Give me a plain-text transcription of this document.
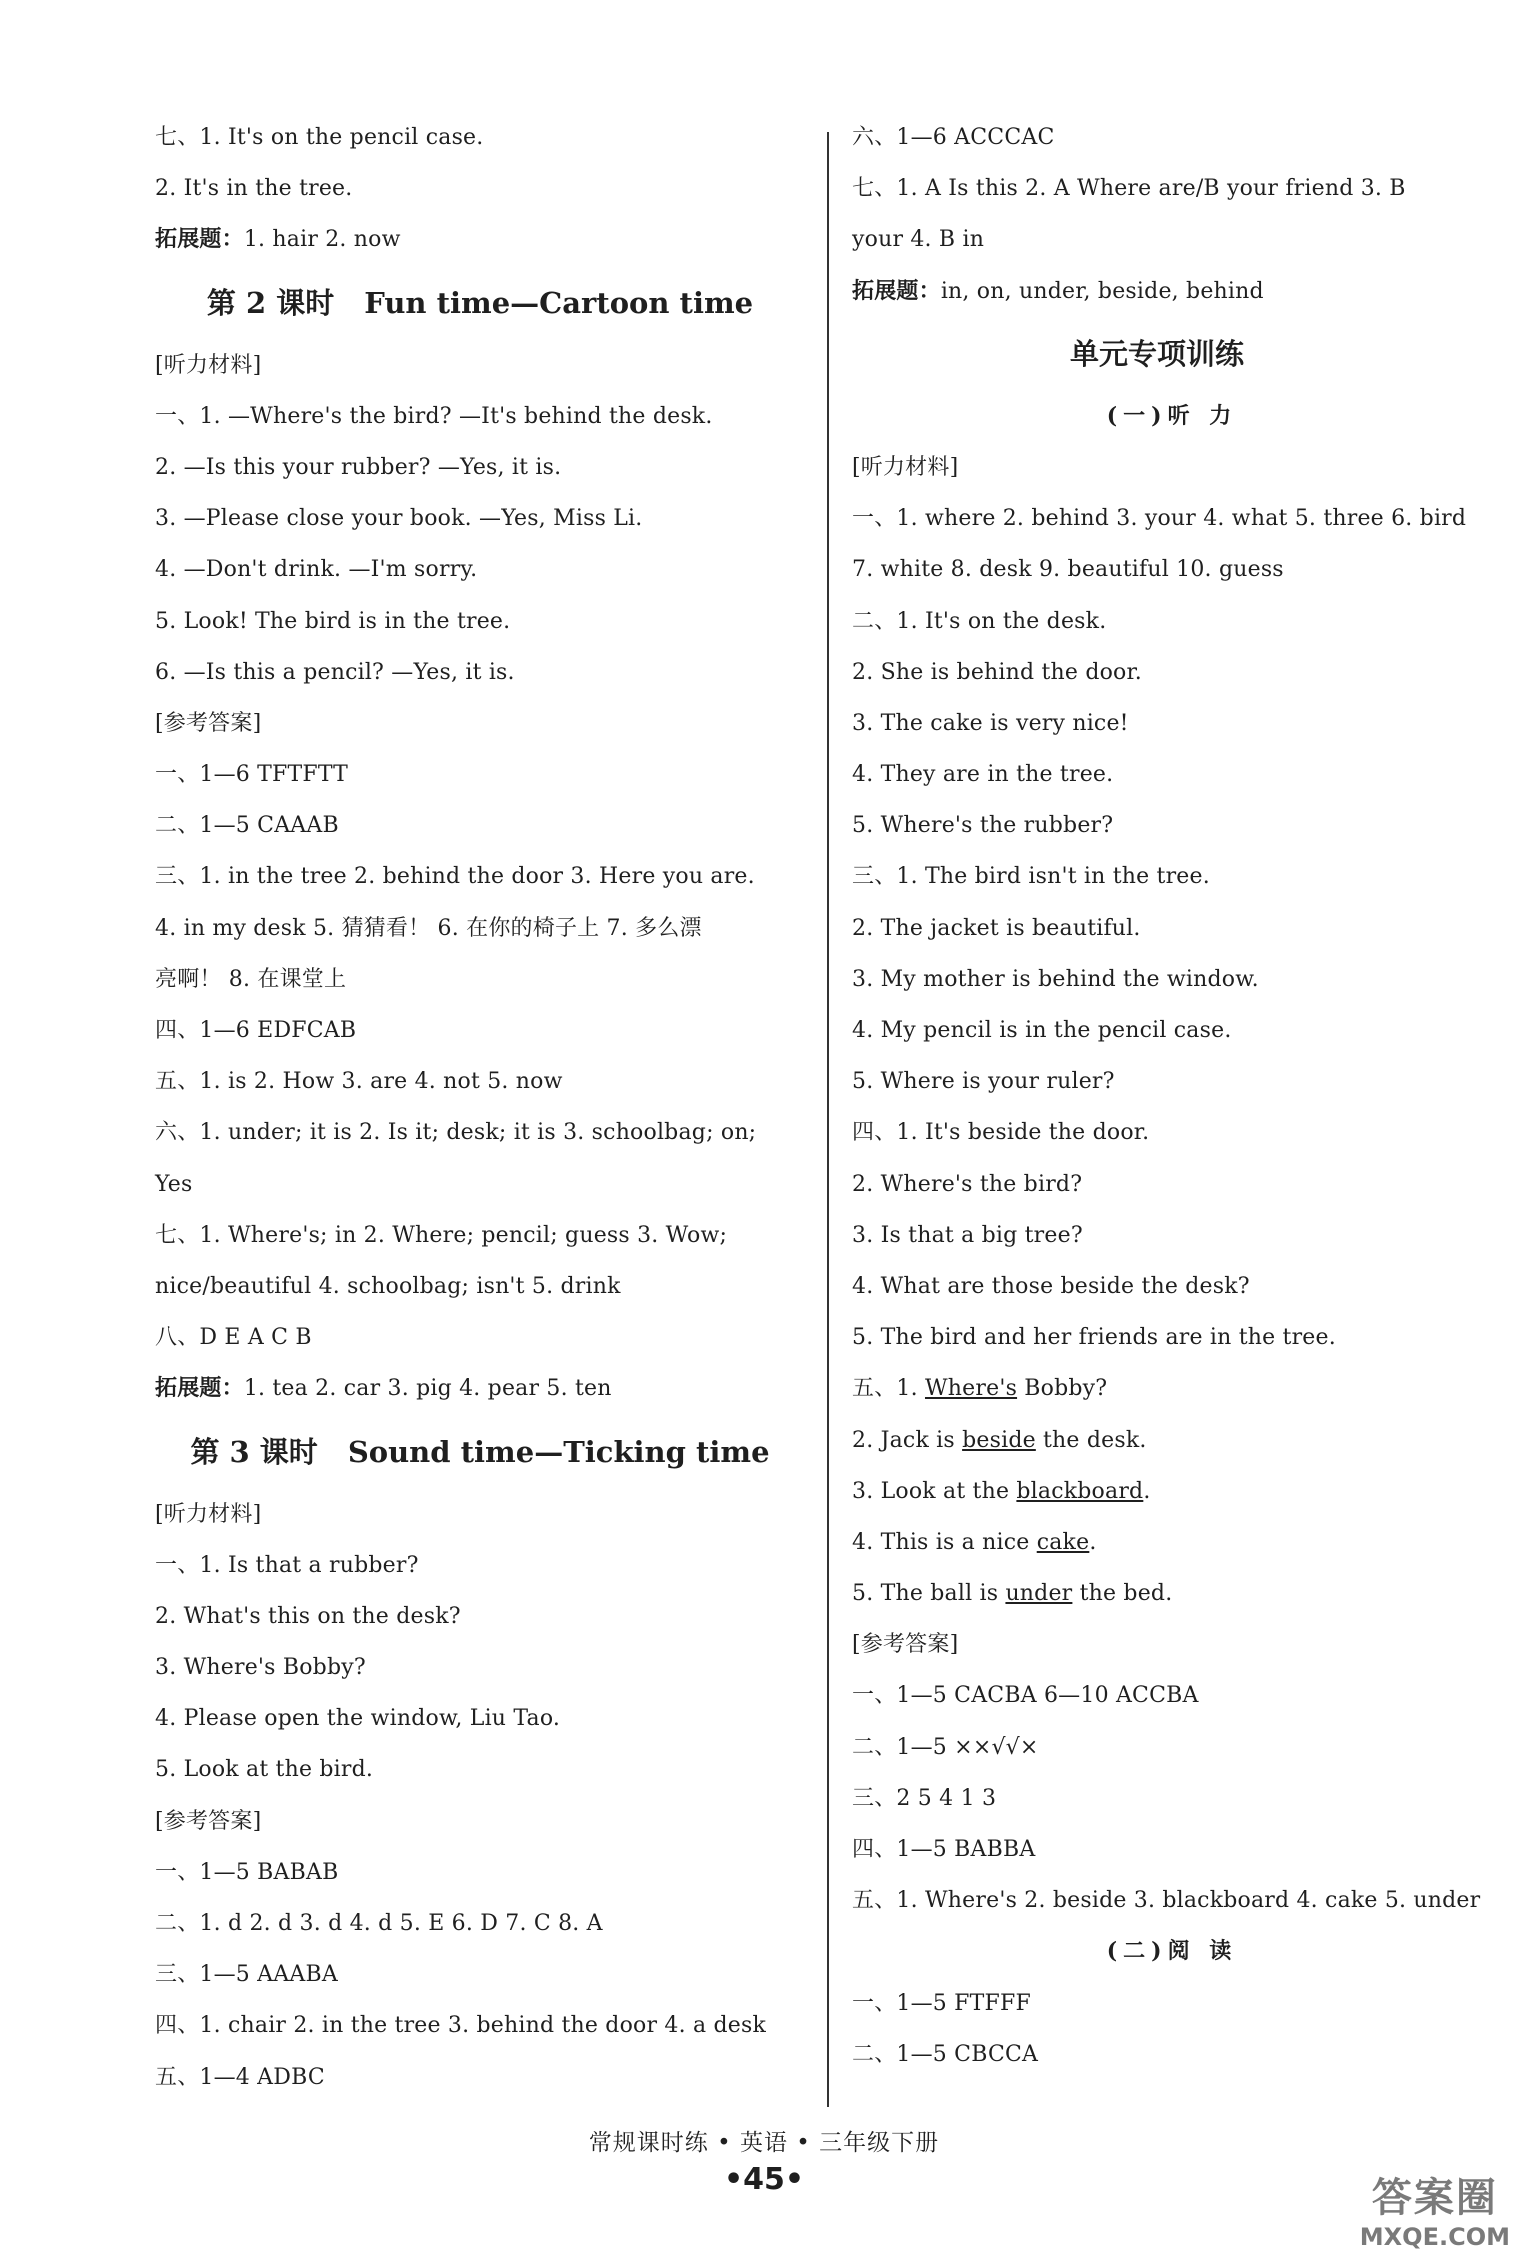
七、1. It's on the pencil case.
2. It's in the tree.
拓展题：1. hair 2. now
第 2 课时 Fun time—Cartoon time
[听力材料]
一、1. —Where's the bird? —It's behind the desk.
2. —Is this your rubber? —Yes, it is.
3. —Please close your book. —Yes, Miss Li.
4. —Don't drink. —I'm sorry.
5. Look! The bird is in the tree.
6. —Is this a pencil? —Yes, it is.
[参考答案]
一、1—6 TFTFTT
二、1—5 CAAAB
三、1. in the tree 2. behind the door 3. Here you are.
4. in my desk 5. 猜猜看！ 6. 在你的椅子上 7. 多么漂
亮啊！ 8. 在课堂上
四、1—6 EDFCAB
五、1. is 2. How 3. are 4. not 5. now
六、1. under; it is 2. Is it; desk; it is 3. schoolbag; on;
Yes
七、1. Where's; in 2. Where; pencil; guess 3. Wow;
nice/beautiful 4. schoolbag; isn't 5. drink
八、D E A C B
拓展题：1. tea 2. car 3. pig 4. pear 5. ten
第 3 课时 Sound time—Ticking time
[听力材料]
一、1. Is that a rubber?
2. What's this on the desk?
3. Where's Bobby?
4. Please open the window, Liu Tao.
5. Look at the bird.
[参考答案]
一、1—5 BABAB
二、1. d 2. d 3. d 4. d 5. E 6. D 7. C 8. A
三、1—5 AAABA
四、1. chair 2. in the tree 3. behind the door 4. a desk
五、1—4 ADBC
六、1—6 ACCCAC
七、1. A Is this 2. A Where are/B your friend 3. B
your 4. B in
拓展题：in, on, under, beside, behind
单元专项训练
(一)听 力
[听力材料]
一、1. where 2. behind 3. your 4. what 5. three 6. bird
7. white 8. desk 9. beautiful 10. guess
二、1. It's on the desk.
2. She is behind the door.
3. The cake is very nice!
4. They are in the tree.
5. Where's the rubber?
三、1. The bird isn't in the tree.
2. The jacket is beautiful.
3. My mother is behind the window.
4. My pencil is in the pencil case.
5. Where is your ruler?
四、1. It's beside the door.
2. Where's the bird?
3. Is that a big tree?
4. What are those beside the desk?
5. The bird and her friends are in the tree.
五、1. Where's Bobby?
2. Jack is beside the desk.
3. Look at the blackboard.
4. This is a nice cake.
5. The ball is under the bed.
[参考答案]
一、1—5 CACBA 6—10 ACCBA
二、1—5 ××√√×
三、2 5 4 1 3
四、1—5 BABBA
五、1. Where's 2. beside 3. blackboard 4. cake 5. under
(二)阅 读
一、1—5 FTFFF
二、1—5 CBCCA
常规课时练 • 英语 • 三年级下册
•45•	答案圈
MXQE.COM
